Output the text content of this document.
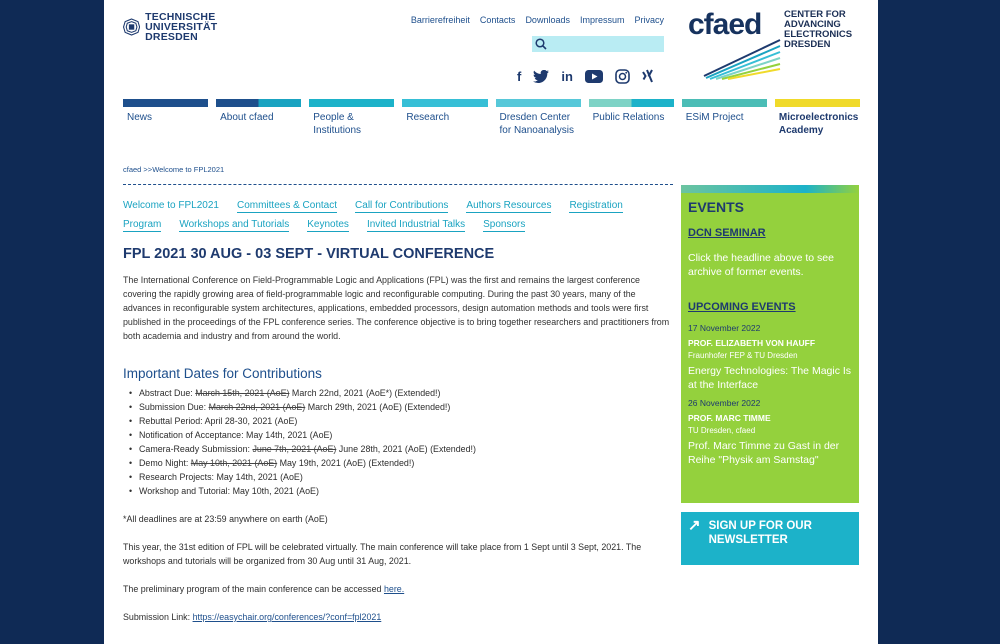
TECHNISCHE UNIVERSITÄT DRESDEN
Barrierefreiheit Contacts Downloads Impressum Privacy
f	in
cfaed CENTER FOR ADVANCING ELECTRONICS DRESDEN
News	About cfaed	People & Institutions
Research	Dresden Center for Nanoanalysis
Public Relations	ESiM Project	Microelectronics Academy
cfaed >>Welcome to FPL2021
Welcome to FPL2021 Committees & Contact Call for Contributions Authors Resources Registration
Program Workshops and Tutorials Keynotes Invited Industrial Talks Sponsors
FPL 2021 30 AUG - 03 SEPT - VIRTUAL CONFERENCE

The International Conference on Field-Programmable Logic and Applications (FPL) was the first and remains the largest conference covering the rapidly growing area of field-programmable logic and reconfigurable computing. During the past 30 years, many of the advances in reconfigurable system architectures, applications, embedded processors, design automation methods and tools were first published in the proceedings of the FPL conference series. The conference objective is to bring together researchers and practitioners from both academia and industry and from around the world.

Important Dates for Contributions
• Abstract Due: March 15th, 2021 (AoE) March 22nd, 2021 (AoE*) (Extended!)
• Submission Due: March 22nd, 2021 (AoE) March 29th, 2021 (AoE) (Extended!)
• Rebuttal Period: April 28-30, 2021 (AoE)
• Notification of Acceptance: May 14th, 2021 (AoE)
• Camera-Ready Submission: June 7th, 2021 (AoE) June 28th, 2021 (AoE) (Extended!)
• Demo Night: May 10th, 2021 (AoE) May 19th, 2021 (AoE) (Extended!)
• Research Projects: May 14th, 2021 (AoE)
• Workshop and Tutorial: May 10th, 2021 (AoE)

*All deadlines are at 23:59 anywhere on earth (AoE)

This year, the 31st edition of FPL will be celebrated virtually. The main conference will take place from 1 Sept until 3 Sept, 2021. The workshops and tutorials will be organized from 30 Aug until 31 Aug, 2021.

The preliminary program of the main conference can be accessed here.

Submission Link: https://easychair.org/conferences/?conf=fpl2021

EVENTS
DCN SEMINAR
Click the headline above to see archive of former events.
UPCOMING EVENTS
17 November 2022
PROF. ELIZABETH VON HAUFF
Fraunhofer FEP & TU Dresden
Energy Technologies: The Magic Is at the Interface
26 November 2022
PROF. MARC TIMME
TU Dresden, cfaed
Prof. Marc Timme zu Gast in der Reihe "Physik am Samstag"
↗ SIGN UP FOR OUR NEWSLETTER
